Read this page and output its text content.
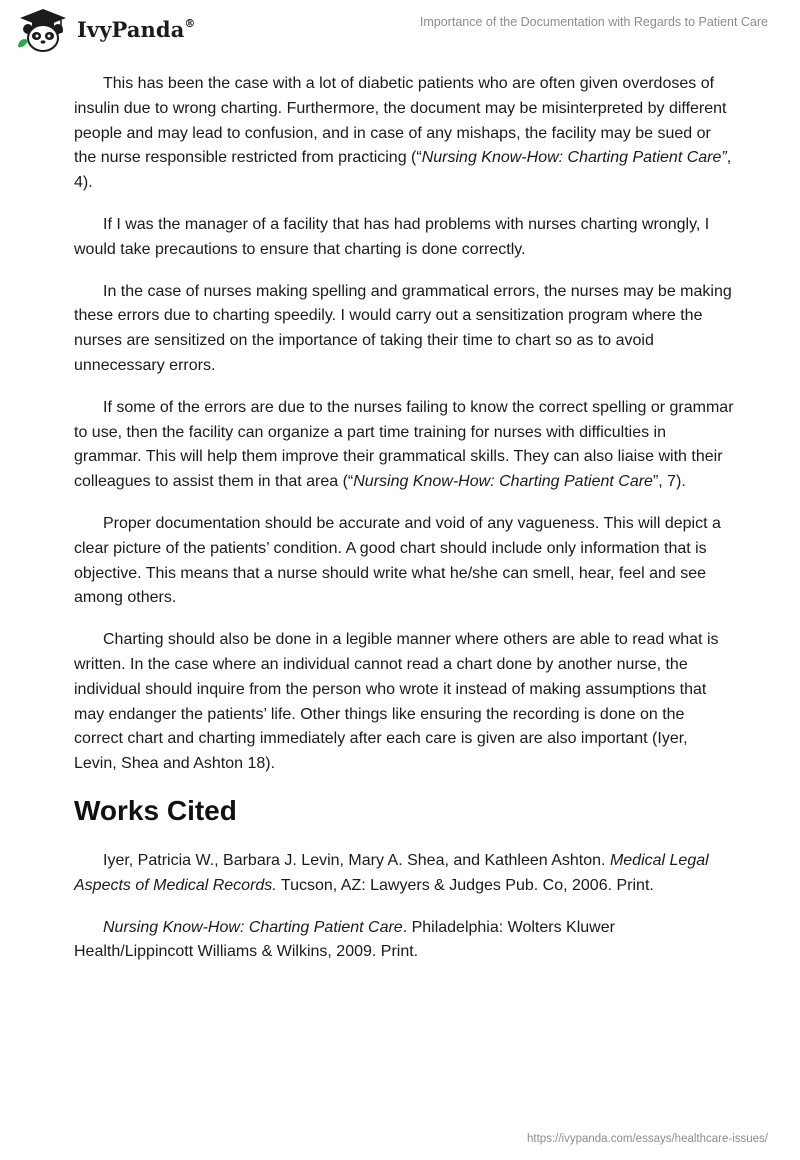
IvyPanda®	Importance of the Documentation with Regards to Patient Care

This has been the case with a lot of diabetic patients who are often given overdoses of insulin due to wrong charting. Furthermore, the document may be misinterpreted by different people and may lead to confusion, and in case of any mishaps, the facility may be sued or the nurse responsible restricted from practicing (“Nursing Know-How: Charting Patient Care”, 4).

If I was the manager of a facility that has had problems with nurses charting wrongly, I would take precautions to ensure that charting is done correctly.

In the case of nurses making spelling and grammatical errors, the nurses may be making these errors due to charting speedily. I would carry out a sensitization program where the nurses are sensitized on the importance of taking their time to chart so as to avoid unnecessary errors.

If some of the errors are due to the nurses failing to know the correct spelling or grammar to use, then the facility can organize a part time training for nurses with difficulties in grammar. This will help them improve their grammatical skills. They can also liaise with their colleagues to assist them in that area (“Nursing Know-How: Charting Patient Care”, 7).

Proper documentation should be accurate and void of any vagueness. This will depict a clear picture of the patients’ condition. A good chart should include only information that is objective. This means that a nurse should write what he/she can smell, hear, feel and see among others.

Charting should also be done in a legible manner where others are able to read what is written. In the case where an individual cannot read a chart done by another nurse, the individual should inquire from the person who wrote it instead of making assumptions that may endanger the patients’ life. Other things like ensuring the recording is done on the correct chart and charting immediately after each care is given are also important (Iyer, Levin, Shea and Ashton 18).

Works Cited

Iyer, Patricia W., Barbara J. Levin, Mary A. Shea, and Kathleen Ashton. Medical Legal Aspects of Medical Records. Tucson, AZ: Lawyers & Judges Pub. Co, 2006. Print.

Nursing Know-How: Charting Patient Care. Philadelphia: Wolters Kluwer Health/Lippincott Williams & Wilkins, 2009. Print.

https://ivypanda.com/essays/healthcare-issues/
